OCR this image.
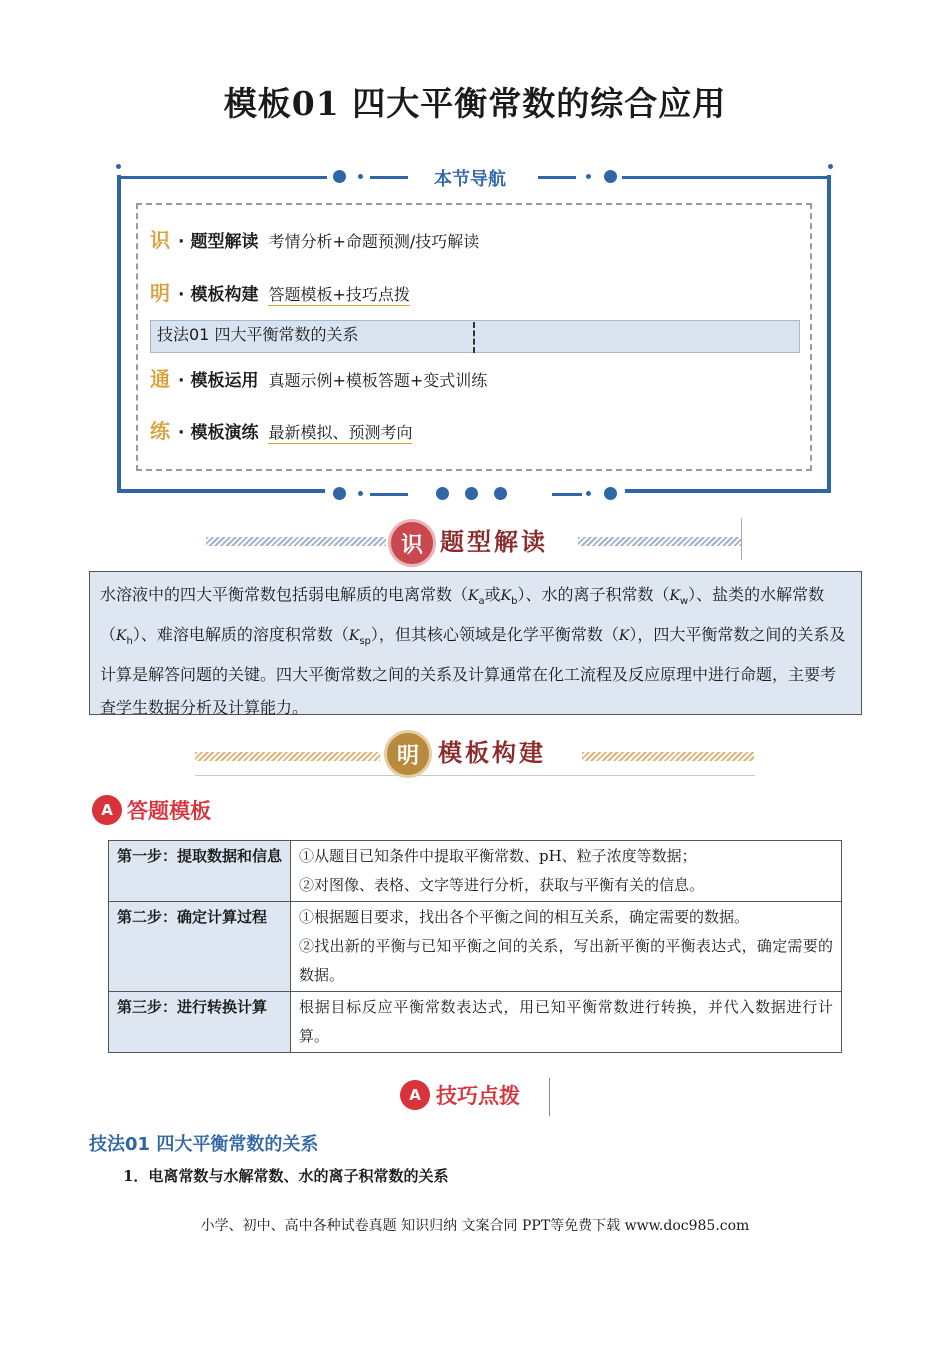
模板01 四大平衡常数的综合应用
本节导航
识 · 题型解读 考情分析+命题预测/技巧解读
明 · 模板构建 答题模板+技巧点拨
技法01 四大平衡常数的关系
通 · 模板运用 真题示例+模板答题+变式训练
练 · 模板演练 最新模拟、预测考向
识 题型解读
水溶液中的四大平衡常数包括弱电解质的电离常数（$K_a$或$K_b$）、水的离子积常数$(K_w)$、盐类的水解常数$(K_h)$、难溶电解质的溶度积常数$(K_{sp})$，但其核心领域是化学平衡常数（K），四大平衡常数之间的关系及计算是解答问题的关键。四大平衡常数之间的关系及计算通常在化工流程及反应原理中进行命题，主要考查学生数据分析及计算能力。
明 模板构建
A 答题模板
第一步：提取数据和信息	①从题目已知条件中提取平衡常数、pH、粒子浓度等数据；
②对图像、表格、文字等进行分析，获取与平衡有关的信息。

第二步：确定计算过程	①根据题目要求，找出各个平衡之间的相互关系，确定需要的数据。
②找出新的平衡与已知平衡之间的关系，写出新平衡的平衡表达式，确定需要的数据。

第三步：进行转换计算	根据目标反应平衡常数表达式，用已知平衡常数进行转换，并代入数据进行计算。
A 技巧点拨
技法01 四大平衡常数的关系
1．电离常数与水解常数、水的离子积常数的关系
小学、初中、高中各种试卷真题 知识归纳 文案合同 PPT等免费下载 www.doc985.com
